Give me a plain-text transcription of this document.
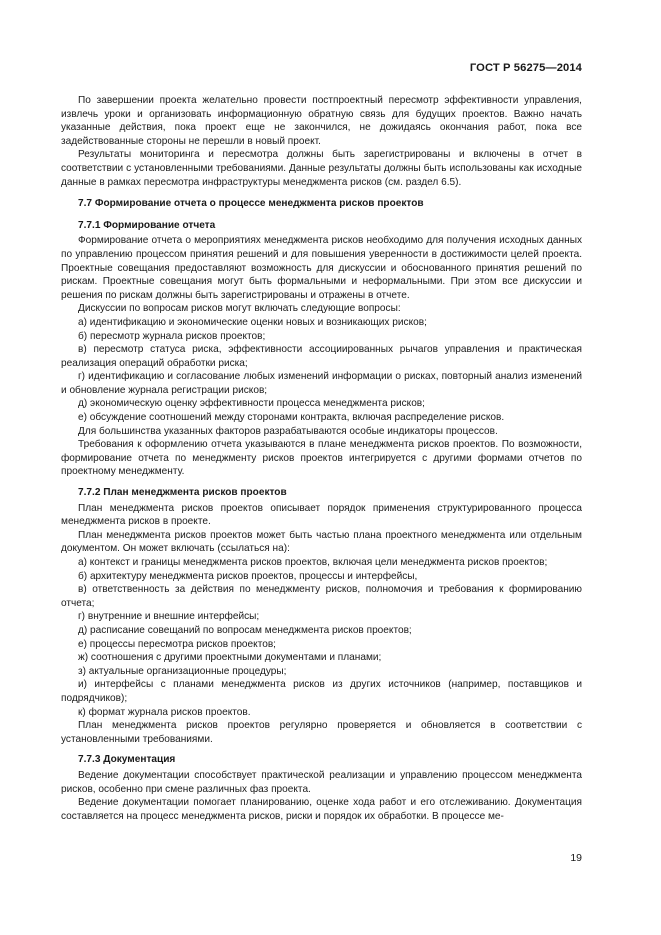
ГОСТ Р 56275—2014

По завершении проекта желательно провести постпроектный пересмотр эффективности управления, извлечь уроки и организовать информационную обратную связь для будущих проектов. Важно начать указанные действия, пока проект еще не закончился, не дожидаясь окончания работ, пока все задействованные стороны не перешли в новый проект.

Результаты мониторинга и пересмотра должны быть зарегистрированы и включены в отчет в соответствии с установленными требованиями. Данные результаты должны быть использованы как исходные данные в рамках пересмотра инфраструктуры менеджмента рисков (см. раздел 6.5).

7.7 Формирование отчета о процессе менеджмента рисков проектов
7.7.1 Формирование отчета

Формирование отчета о мероприятиях менеджмента рисков необходимо для получения исходных данных по управлению процессом принятия решений и для повышения уверенности в достижимости целей проекта. Проектные совещания предоставляют возможность для дискуссии и обоснованного принятия решений по рискам. Проектные совещания могут быть формальными и неформальными. При этом все дискуссии и решения по рискам должны быть зарегистрированы и отражены в отчете.

Дискуссии по вопросам рисков могут включать следующие вопросы:

а) идентификацию и экономические оценки новых и возникающих рисков;

б) пересмотр журнала рисков проектов;

в) пересмотр статуса риска, эффективности ассоциированных рычагов управления и практическая реализация операций обработки риска;

г) идентификацию и согласование любых изменений информации о рисках, повторный анализ изменений и обновление журнала регистрации рисков;

д) экономическую оценку эффективности процесса менеджмента рисков;

е) обсуждение соотношений между сторонами контракта, включая распределение рисков.

Для большинства указанных факторов разрабатываются особые индикаторы процессов.

Требования к оформлению отчета указываются в плане менеджмента рисков проектов. По возможности, формирование отчета по менеджменту рисков проектов интегрируется с другими формами отчетов по проектному менеджменту.

7.7.2 План менеджмента рисков проектов

План менеджмента рисков проектов описывает порядок применения структурированного процесса менеджмента рисков в проекте.

План менеджмента рисков проектов может быть частью плана проектного менеджмента или отдельным документом. Он может включать (ссылаться на):

а) контекст и границы менеджмента рисков проектов, включая цели менеджмента рисков проектов;

б) архитектуру менеджмента рисков проектов, процессы и интерфейсы,

в) ответственность за действия по менеджменту рисков, полномочия и требования к формированию отчета;

г) внутренние и внешние интерфейсы;

д) расписание совещаний по вопросам менеджмента рисков проектов;

е) процессы пересмотра рисков проектов;

ж) соотношения с другими проектными документами и планами;

з) актуальные организационные процедуры;

и) интерфейсы с планами менеджмента рисков из других источников (например, поставщиков и подрядчиков);

к) формат журнала рисков проектов.

План менеджмента рисков проектов регулярно проверяется и обновляется в соответствии с установленными требованиями.

7.7.3 Документация

Ведение документации способствует практической реализации и управлению процессом менеджмента рисков, особенно при смене различных фаз проекта.

Ведение документации помогает планированию, оценке хода работ и его отслеживанию. Документация составляется на процесс менеджмента рисков, риски и порядок их обработки. В процессе ме-

19
